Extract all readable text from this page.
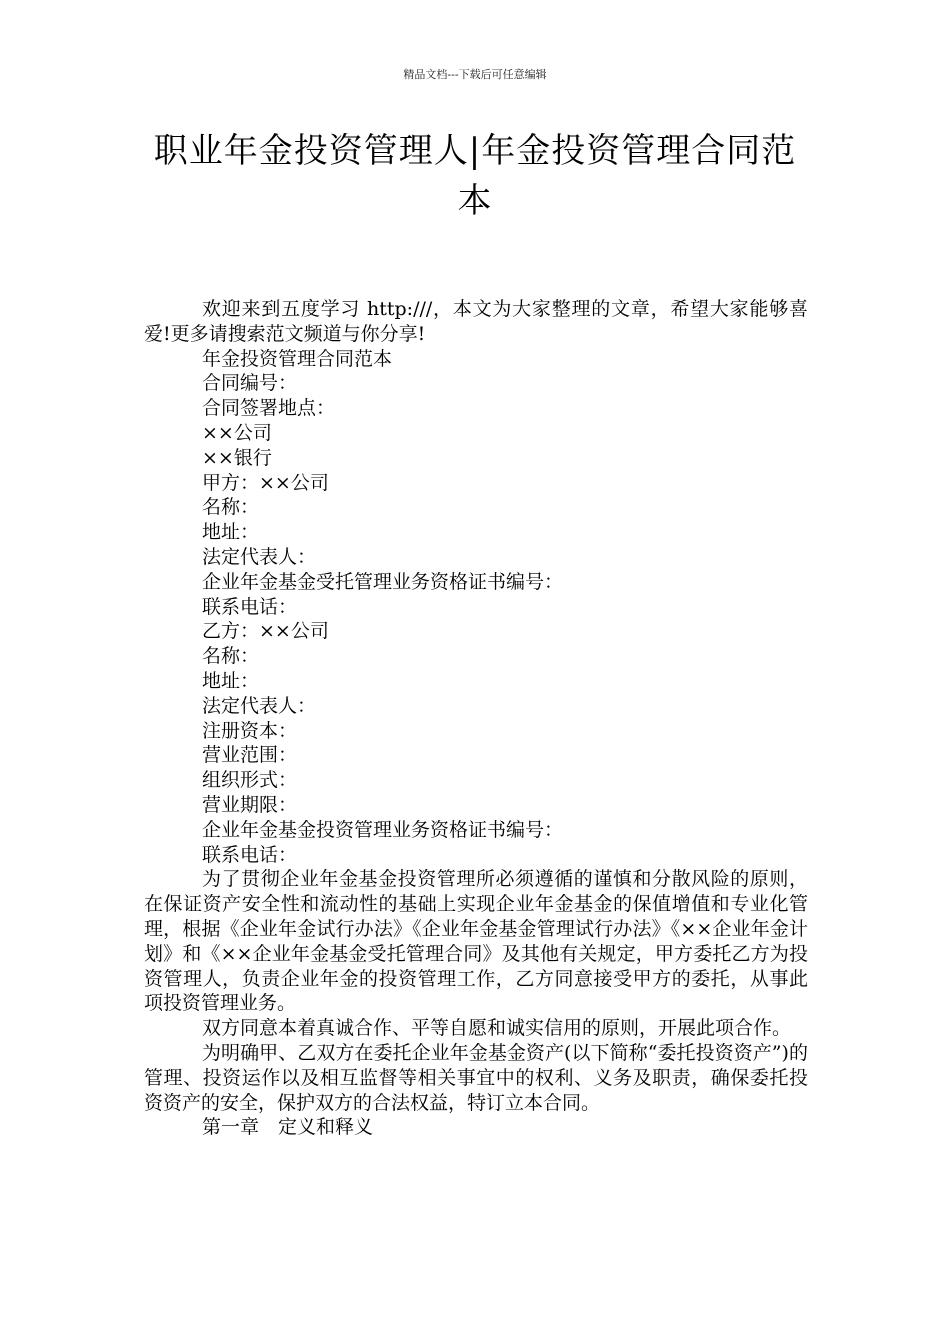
精品文档---下载后可任意编辑
职业年金投资管理人|年金投资管理合同范本

欢迎来到五度学习 http:///，本文为大家整理的文章，希望大家能够喜爱!更多请搜索范文频道与你分享!

年金投资管理合同范本

合同编号：

合同签署地点：

××公司

××银行

甲方：××公司

名称：

地址：

法定代表人：

企业年金基金受托管理业务资格证书编号：

联系电话：

乙方：××公司

名称：

地址：

法定代表人：

注册资本：

营业范围：

组织形式：

营业期限：

企业年金基金投资管理业务资格证书编号：

联系电话：

为了贯彻企业年金基金投资管理所必须遵循的谨慎和分散风险的原则，在保证资产安全性和流动性的基础上实现企业年金基金的保值增值和专业化管理，根据《企业年金试行办法》《企业年金基金管理试行办法》《××企业年金计划》和《××企业年金基金受托管理合同》及其他有关规定，甲方委托乙方为投资管理人，负责企业年金的投资管理工作，乙方同意接受甲方的委托，从事此项投资管理业务。

双方同意本着真诚合作、平等自愿和诚实信用的原则，开展此项合作。

为明确甲、乙双方在委托企业年金基金资产(以下简称“委托投资资产”)的管理、投资运作以及相互监督等相关事宜中的权利、义务及职责，确保委托投资资产的安全，保护双方的合法权益，特订立本合同。

第一章　定义和释义
